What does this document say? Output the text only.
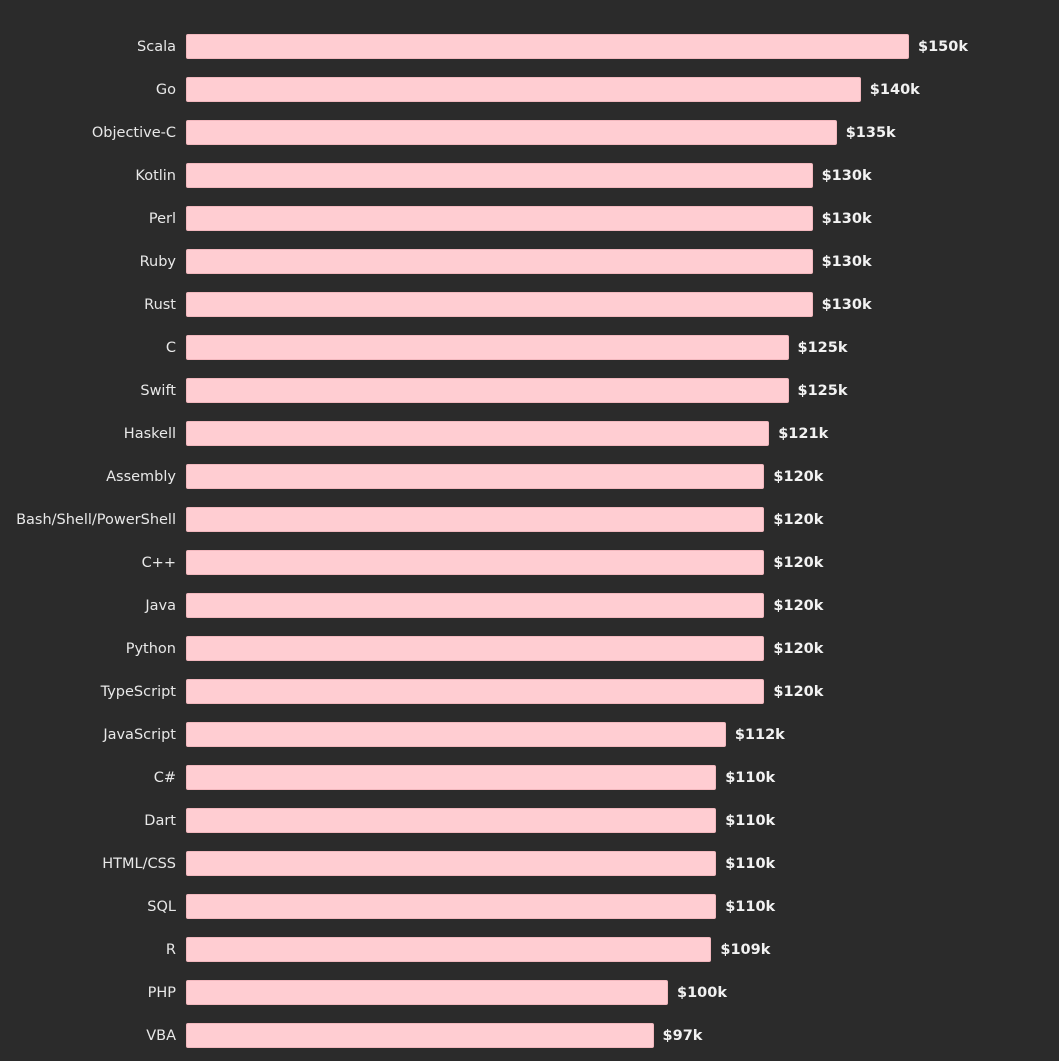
Scala	$150k
Go	$140k
Objective-C	$135k
Kotlin	$130k
Perl	$130k
Ruby	$130k
Rust	$130k
C	$125k
Swift	$125k
Haskell	$121k
Assembly	$120k
Bash/Shell/PowerShell	$120k
C++	$120k
Java	$120k
Python	$120k
TypeScript	$120k
JavaScript	$112k
C#	$110k
Dart	$110k
HTML/CSS	$110k
SQL	$110k
R	$109k
PHP	$100k
VBA	$97k
